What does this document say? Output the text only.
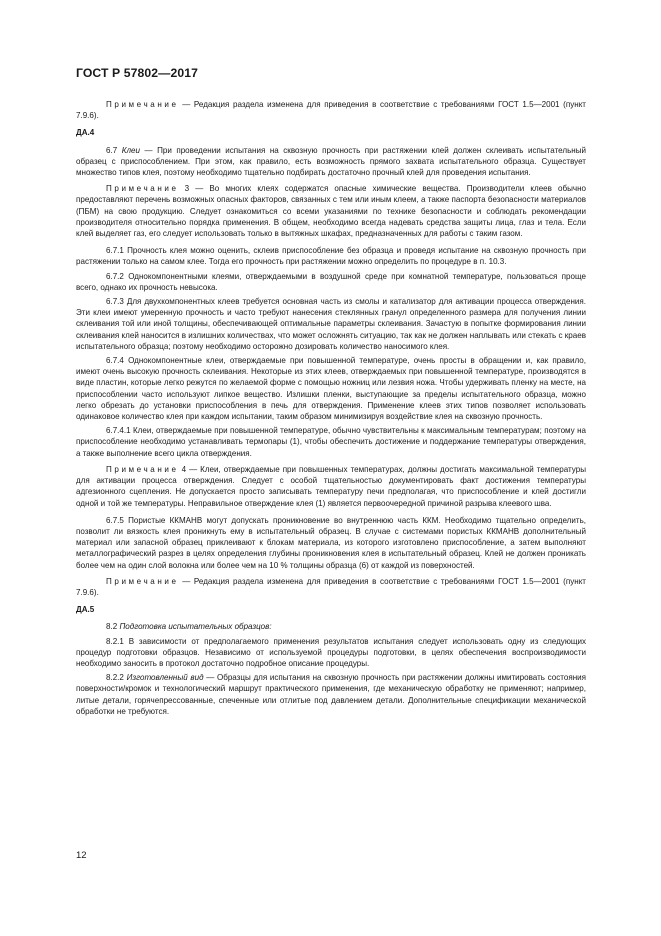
ГОСТ Р 57802—2017

Примечание — Редакция раздела изменена для приведения в соответствие с требованиями ГОСТ 1.5—2001 (пункт 7.9.6).

ДА.4

6.7 Клеи — При проведении испытания на сквозную прочность при растяжении клей должен склеивать испытательный образец с приспособлением. При этом, как правило, есть возможность прямого захвата испытательного образца. Существует множество типов клея, поэтому необходимо тщательно подбирать достаточно прочный клей для проведения испытания.

Примечание 3 — Во многих клеях содержатся опасные химические вещества. Производители клеев обычно предоставляют перечень возможных опасных факторов, связанных с тем или иным клеем, а также паспорта безопасности материалов (ПБМ) на свою продукцию. Следует ознакомиться со всеми указаниями по технике безопасности и соблюдать рекомендации производителя относительно порядка применения. В общем, необходимо всегда надевать средства защиты лица, глаз и тела. Если клей выделяет газ, его следует использовать только в вытяжных шкафах, предназначенных для работы с таким газом.

6.7.1 Прочность клея можно оценить, склеив приспособление без образца и проведя испытание на сквозную прочность при растяжении только на самом клее. Тогда его прочность при растяжении можно определить по процедуре в п. 10.3.

6.7.2 Однокомпонентными клеями, отверждаемыми в воздушной среде при комнатной температуре, пользоваться проще всего, однако их прочность невысока.

6.7.3 Для двухкомпонентных клеев требуется основная часть из смолы и катализатор для активации процесса отверждения. Эти клеи имеют умеренную прочность и часто требуют нанесения стеклянных гранул определенного размера для получения линии склеивания той или иной толщины, обеспечивающей оптимальные параметры склеивания. Зачастую в попытке формирования линии склеивания клей наносится в излишних количествах, что может осложнять ситуацию, так как не должен наплывать или стекать с краев испытательного образца; поэтому необходимо осторожно дозировать количество наносимого клея.

6.7.4 Однокомпонентные клеи, отверждаемые при повышенной температуре, очень просты в обращении и, как правило, имеют очень высокую прочность склеивания. Некоторые из этих клеев, отверждаемых при повышенной температуре, производятся в виде пластин, которые легко режутся по желаемой форме с помощью ножниц или лезвия ножа. Чтобы удерживать пленку на месте, на приспособлении часто используют липкое вещество. Излишки пленки, выступающие за пределы испытательного образца, можно легко обрезать до установки приспособления в печь для отверждения. Применение клеев этих типов позволяет использовать одинаковое количество клея при каждом испытании, таким образом минимизируя воздействие клея на сквозную прочность.

6.7.4.1 Клеи, отверждаемые при повышенной температуре, обычно чувствительны к максимальным температурам; поэтому на приспособление необходимо устанавливать термопары (1), чтобы обеспечить достижение и поддержание температуры отверждения, а также выполнение всего цикла отверждения.

Примечание 4 — Клеи, отверждаемые при повышенных температурах, должны достигать максимальной температуры для активации процесса отверждения. Следует с особой тщательностью документировать факт достижения температуры адгезионного сцепления. Не допускается просто записывать температуру печи предполагая, что приспособление и клей достигли одной и той же температуры. Неправильное отверждение клея (1) является первоочередной причиной разрыва клеевого шва.

6.7.5 Пористые ККМАНВ могут допускать проникновение во внутреннюю часть ККМ. Необходимо тщательно определить, позволит ли вязкость клея проникнуть ему в испытательный образец. В случае с системами пористых ККМАНВ дополнительный материал или запасной образец приклеивают к блокам материала, из которого изготовлено приспособление, а затем выполняют металлографический разрез в целях определения глубины проникновения клея в испытательный образец. Клей не должен проникать более чем на один слой волокна или более чем на 10 % толщины образца (6) от каждой из поверхностей.

Примечание — Редакция раздела изменена для приведения в соответствие с требованиями ГОСТ 1.5—2001 (пункт 7.9.6).

ДА.5

8.2 Подготовка испытательных образцов:

8.2.1 В зависимости от предполагаемого применения результатов испытания следует использовать одну из следующих процедур подготовки образцов. Независимо от используемой процедуры подготовки, в целях обеспечения воспроизводимости необходимо заносить в протокол достаточно подробное описание процедуры.

8.2.2 Изготовленный вид — Образцы для испытания на сквозную прочность при растяжении должны имитировать состояния поверхности/кромок и технологический маршрут практического применения, где механическую обработку не применяют; например, литые детали, горячепрессованные, спеченные или отлитые под давлением детали. Дополнительные спецификации механической обработки не требуются.

12
